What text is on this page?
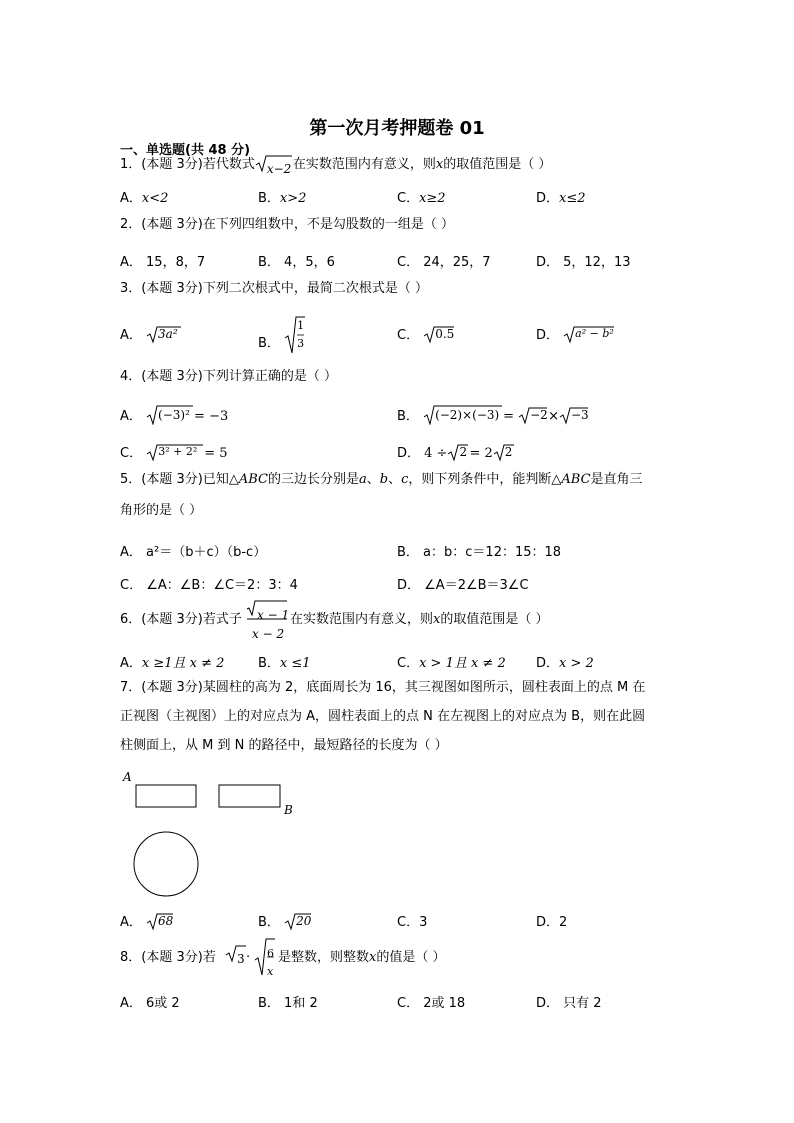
第一次月考押题卷 01
一、单选题(共 48 分)
1．(本题 3分)若代数式 x−2 在实数范围内有意义，则x的取值范围是（ ）
A．x<2	B．x>2	C．x≥2	D．x≤2
2．(本题 3分)在下列四组数中，不是勾股数的一组是（ ）
A． 15，8，7	B． 4，5，6	C． 24，25，7	D． 5，12，13
3．(本题 3分)下列二次根式中，最简二次根式是（ ）
A． 3a²
B．
1
3
C． 0.5	D． a² − b²
4．(本题 3分)下列计算正确的是（ ）
A． (−3)² = −3	B． (−2)×(−3) = −2 × −3
C． 3² + 2² = 5	D． 4 ÷ 2 = 2 2
5．(本题 3分)已知△ABC的三边长分别是a、b、c，则下列条件中，能判断△ABC是直角三
角形的是（ ）
A． a²＝（b＋c）（b-c）	B． a：b：c＝12：15：18
C． ∠A：∠B：∠C＝2：3：4	D． ∠A＝2∠B＝3∠C
6．(本题 3分)若式子 x − 1
x − 2
在实数范围内有意义，则x的取值范围是（ ）
A．x ≥1且 x ≠ 2	B．x ≤1	C．x > 1且 x ≠ 2 D．x > 2
7．(本题 3分)某圆柱的高为 2，底面周长为 16，其三视图如图所示，圆柱表面上的点 M 在
正视图（主视图）上的对应点为 A，圆柱表面上的点 N 在左视图上的对应点为 B，则在此圆
柱侧面上，从 M 到 N 的路径中，最短路径的长度为（ ）
A
B
A． 68	B． 20	C．3	D．2
8．(本题 3分)若 3 · 6
x
是整数，则整数x的值是（ ）
A． 6或 2	B． 1和 2	C． 2或 18	D． 只有 2
